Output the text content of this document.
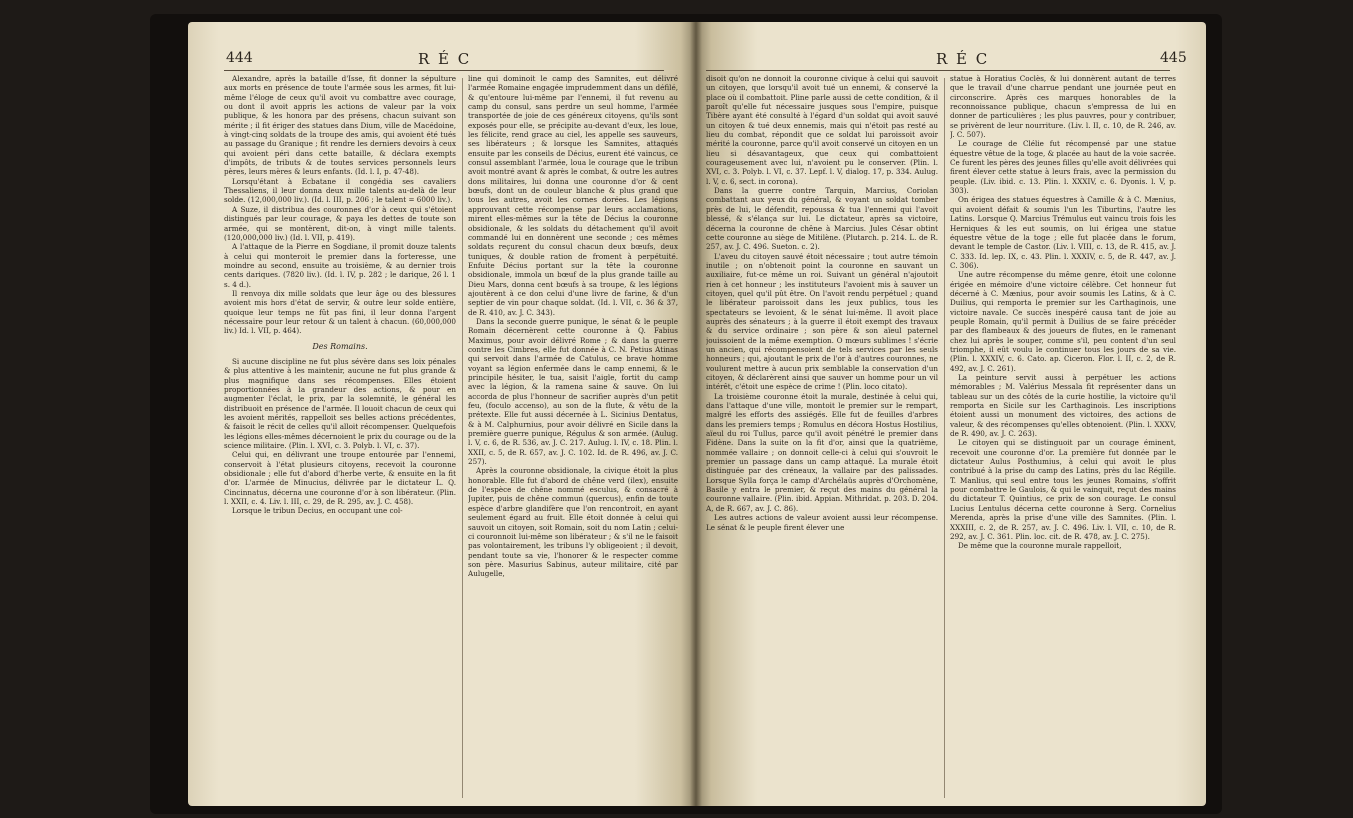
444	R É C

Alexandre, après la bataille d'Isse, fit donner la sépulture aux morts en présence de toute l'armée sous les armes, fit lui-même l'éloge de ceux qu'il avoit vu combattre avec courage, ou dont il avoit appris les actions de valeur par la voix publique, & les honora par des présens, chacun suivant son mérite ; il fit ériger des statues dans Dium, ville de Macédoine, à vingt-cinq soldats de la troupe des amis, qui avoient été tués au passage du Granique ; fit rendre les derniers devoirs à ceux qui avoient péri dans cette bataille, & déclara exempts d'impôts, de tributs & de toutes services personnels leurs pères, leurs mères & leurs enfants. (Id. l. I, p. 47-48).

Lorsqu'étant à Ecbatane il congédia ses cavaliers Thessaliens, il leur donna deux mille talents au-delà de leur solde. (12,000,000 liv.). (Id. l. III, p. 206 ; le talent = 6000 liv.).

A Suze, il distribua des couronnes d'or à ceux qui s'étoient distingués par leur courage, & paya les dettes de toute son armée, qui se montèrent, dit-on, à vingt mille talents. (120,000,000 liv.) (Id. l. VII, p. 419).

A l'attaque de la Pierre en Sogdiane, il promit douze talents à celui qui monteroit le premier dans la forteresse, une moindre au second, ensuite au troisième, & au dernier trois cents dariques. (7820 liv.). (Id. l. IV, p. 282 ; le darique, 26 l. 1 s. 4 d.).

Il renvoya dix mille soldats que leur âge ou des blessures avoient mis hors d'état de servir, & outre leur solde entière, quoique leur temps ne fût pas fini, il leur donna l'argent nécessaire pour leur retour & un talent à chacun. (60,000,000 liv.) Id. l. VII, p. 464).

Des Romains.

Si aucune discipline ne fut plus sévère dans ses loix pénales & plus attentive à les maintenir, aucune ne fut plus grande & plus magnifique dans ses récompenses. Elles étoient proportionnées à la grandeur des actions, & pour en augmenter l'éclat, le prix, par la solemnité, le général les distribuoit en présence de l'armée. Il louoit chacun de ceux qui les avoient mérités, rappelloit ses belles actions précédentes, & faisoit le récit de celles qu'il alloit récompenser. Quelquefois les légions elles-mêmes décernoient le prix du courage ou de la science militaire. (Plin. l. XVI, c. 3. Polyb. l. VI, c. 37).

Celui qui, en délivrant une troupe entourée par l'ennemi, conservoit à l'état plusieurs citoyens, recevoit la couronne obsidionale ; elle fut d'abord d'herbe verte, & ensuite en la fit d'or. L'armée de Minucius, délivrée par le dictateur L. Q. Cincinnatus, décerna une couronne d'or à son libérateur. (Plin. l. XXII, c. 4. Liv. l. III, c. 29, de R. 295, av. J. C. 458).

Lorsque le tribun Decius, en occupant une col-

line qui dominoit le camp des Samnites, eut délivré l'armée Romaine engagée imprudemment dans un défilé, & qu'entoure lui-même par l'ennemi, il fut revenu au camp du consul, sans perdre un seul homme, l'armée transportée de joie de ces généreux citoyens, qu'ils sont exposés pour elle, se précipite au-devant d'eux, les loue, les félicite, rend grace au ciel, les appelle ses sauveurs, ses libérateurs ; & lorsque les Samnites, attaqués ensuite par les conseils de Décius, eurent été vaincus, ce consul assemblant l'armée, loua le courage que le tribun avoit montré avant & après le combat, & outre les autres dons militaires, lui donna une couronne d'or & cent bœufs, dont un de couleur blanche & plus grand que tous les autres, avoit les cornes dorées. Les légions approuvant cette récompense par leurs acclamations, mirent elles-mêmes sur la tête de Décius la couronne obsidionale, & les soldats du détachement qu'il avoit commandé lui en donnèrent une seconde ; ces mêmes soldats reçurent du consul chacun deux bœufs, deux tuniques, & double ration de froment à perpétuité. Enfuite Décius portant sur la tête la couronne obsidionale, immola un bœuf de la plus grande taille au Dieu Mars, donna cent bœufs à sa troupe, & les légions ajoutèrent à ce don celui d'une livre de farine, & d'un septier de vin pour chaque soldat. (Id. l. VII, c. 36 & 37, de R. 410, av. J. C. 343).

Dans la seconde guerre punique, le sénat & le peuple Romain décernèrent cette couronne à Q. Fabius Maximus, pour avoir délivré Rome ; & dans la guerre contre les Cimbres, elle fut donnée à C. N. Petius Atinas qui servoit dans l'armée de Catulus, ce brave homme voyant sa légion enfermée dans le camp ennemi, & le principile hésiter, le tua, saisit l'aigle, fortit du camp avec la légion, & la ramena saine & sauve. On lui accorda de plus l'honneur de sacrifier auprès d'un petit feu, (foculo accenso), au son de la flute, & vêtu de la prétexte. Elle fut aussi décernée à L. Sicinius Dentatus, & à M. Calphurnius, pour avoir délivré en Sicile dans la première guerre punique, Régulus & son armée. (Aulug. l. V, c. 6, de R. 536, av. J. C. 217. Aulug. l. IV, c. 18. Plin. l. XXII, c. 5, de R. 657, av. J. C. 102. Id. de R. 496, av. J. C. 257).

Après la couronne obsidionale, la civique étoit la plus honorable. Elle fut d'abord de chêne verd (ilex), ensuite de l'espèce de chêne nommé esculus, & consacré à Jupiter, puis de chêne commun (quercus), enfin de toute espèce d'arbre glandifère que l'on rencontroit, en ayant seulement égard au fruit. Elle étoit donnée à celui qui sauvoit un citoyen, soit Romain, soit du nom Latin ; celui-ci couronnoit lui-même son libérateur ; & s'il ne le faisoit pas volontairement, les tribuns l'y obligeoient ; il devoit, pendant toute sa vie, l'honorer & le respecter comme son père. Masurius Sabinus, auteur militaire, cité par Aulugelle,

R É C	445

disoit qu'on ne donnoit la couronne civique à celui qui sauvoit un citoyen, que lorsqu'il avoit tué un ennemi, & conservé la place où il combattoit. Pline parle aussi de cette condition, & il paroît qu'elle fut nécessaire jusques sous l'empire, puisque Tibère ayant été consulté à l'égard d'un soldat qui avoit sauvé un citoyen & tué deux ennemis, mais qui n'étoit pas resté au lieu du combat, répondit que ce soldat lui paroissoit avoir mérité la couronne, parce qu'il avoit conservé un citoyen en un lieu si désavantageux, que ceux qui combattoient courageusement avec lui, n'avoient pu le conserver. (Plin. l. XVI, c. 3. Polyb. l. VI, c. 37. Lepf. l. V, dialog. 17, p. 334. Aulug. l. V, c. 6, sect. in corona).

Dans la guerre contre Tarquin, Marcius, Coriolan combattant aux yeux du général, & voyant un soldat tomber près de lui, le défendit, repoussa & tua l'ennemi qui l'avoit blessé, & s'élança sur lui. Le dictateur, après sa victoire, décerna la couronne de chêne à Marcius. Jules César obtint cette couronne au siège de Mitilène. (Plutarch. p. 214. L. de R. 257, av. J. C. 496. Sueton. c. 2).

L'aveu du citoyen sauvé étoit nécessaire ; tout autre témoin inutile ; on n'obtenoit point la couronne en sauvant un auxiliaire, fut-ce même un roi. Suivant un général n'ajoutoit rien à cet honneur ; les instituteurs l'avoient mis à sauver un citoyen, quel qu'il pût être. On l'avoit rendu perpétuel ; quand le libérateur paroissoit dans les jeux publics, tous les spectateurs se levoient, & le sénat lui-même. Il avoit place auprès des sénateurs ; à la guerre il étoit exempt des travaux & du service ordinaire ; son père & son aïeul paternel jouissoient de la même exemption. O mœurs sublimes ! s'écrie un ancien, qui récompensoient de tels services par les seuls honneurs ; qui, ajoutant le prix de l'or à d'autres couronnes, ne voulurent mettre à aucun prix semblable la conservation d'un citoyen, & déclarèrent ainsi que sauver un homme pour un vil intérêt, c'étoit une espèce de crime ! (Plin. loco citato).

La troisième couronne étoit la murale, destinée à celui qui, dans l'attaque d'une ville, montoit le premier sur le rempart, malgré les efforts des assiégés. Elle fut de feuilles d'arbres dans les premiers temps ; Romulus en décora Hostus Hostilius, aïeul du roi Tullus, parce qu'il avoit pénétré le premier dans Fidène. Dans la suite on la fit d'or, ainsi que la quatrième, nommée vallaire ; on donnoit celle-ci à celui qui s'ouvroit le premier un passage dans un camp attaqué. La murale étoit distinguée par des créneaux, la vallaire par des palissades. Lorsque Sylla força le camp d'Archélaüs auprès d'Orchomène, Basile y entra le premier, & reçut des mains du général la couronne vallaire. (Plin. ibid. Appian. Mithridat. p. 203. D. 204. A, de R. 667, av. J. C. 86).

Les autres actions de valeur avoient aussi leur récompense. Le sénat & le peuple firent élever une

statue à Horatius Coclès, & lui donnèrent autant de terres que le travail d'une charrue pendant une journée peut en circonscrire. Après ces marques honorables de la reconnoissance publique, chacun s'empressa de lui en donner de particulières ; les plus pauvres, pour y contribuer, se privèrent de leur nourriture. (Liv. l. II, c. 10, de R. 246, av. J. C. 507).

Le courage de Clélie fut récompensé par une statue équestre vêtue de la toge, & placée au haut de la voie sacrée. Ce furent les pères des jeunes filles qu'elle avoit délivrées qui firent élever cette statue à leurs frais, avec la permission du peuple. (Liv. ibid. c. 13. Plin. l. XXXIV, c. 6. Dyonis. l. V, p. 303).

On érigea des statues équestres à Camille & à C. Mænius, qui avoient défait & soumis l'un les Tiburtins, l'autre les Latins. Lorsque Q. Marcius Trémulus eut vaincu trois fois les Herniques & les eut soumis, on lui érigea une statue équestre vêtue de la toge ; elle fut placée dans le forum, devant le temple de Castor. (Liv. l. VIII, c. 13, de R. 415, av. J. C. 333. Id. lep. IX, c. 43. Plin. l. XXXIV, c. 5, de R. 447, av. J. C. 306).

Une autre récompense du même genre, étoit une colonne érigée en mémoire d'une victoire célèbre. Cet honneur fut décerné à C. Mænius, pour avoir soumis les Latins, & à C. Duilius, qui remporta le premier sur les Carthaginois, une victoire navale. Ce succès inespéré causa tant de joie au peuple Romain, qu'il permit à Duilius de se faire précéder par des flambeaux & des joueurs de flutes, en le ramenant chez lui après le souper, comme s'il, peu content d'un seul triomphe, il eût voulu le continuer tous les jours de sa vie. (Plin. l. XXXIV, c. 6. Cato. ap. Ciceron. Flor. l. II, c. 2, de R. 492, av. J. C. 261).

La peinture servit aussi à perpétuer les actions mémorables ; M. Valérius Messala fit représenter dans un tableau sur un des côtés de la curie hostilie, la victoire qu'il remporta en Sicile sur les Carthaginois. Les inscriptions étoient aussi un monument des victoires, des actions de valeur, & des récompenses qu'elles obtenoient. (Plin. l. XXXV, de R. 490, av. J. C. 263).

Le citoyen qui se distinguoit par un courage éminent, recevoit une couronne d'or. La première fut donnée par le dictateur Aulus Posthumius, à celui qui avoit le plus contribué à la prise du camp des Latins, près du lac Régille. T. Manlius, qui seul entre tous les jeunes Romains, s'offrit pour combattre le Gaulois, & qui le vainquit, reçut des mains du dictateur T. Quintius, ce prix de son courage. Le consul Lucius Lentulus décerna cette couronne à Serg. Cornelius Merenda, après la prise d'une ville des Samnites. (Plin. l. XXXIII, c. 2, de R. 257, av. J. C. 496. Liv. l. VII, c. 10, de R. 292, av. J. C. 361. Plin. loc. cit. de R. 478, av. J. C. 275).

De même que la couronne murale rappelloit,
